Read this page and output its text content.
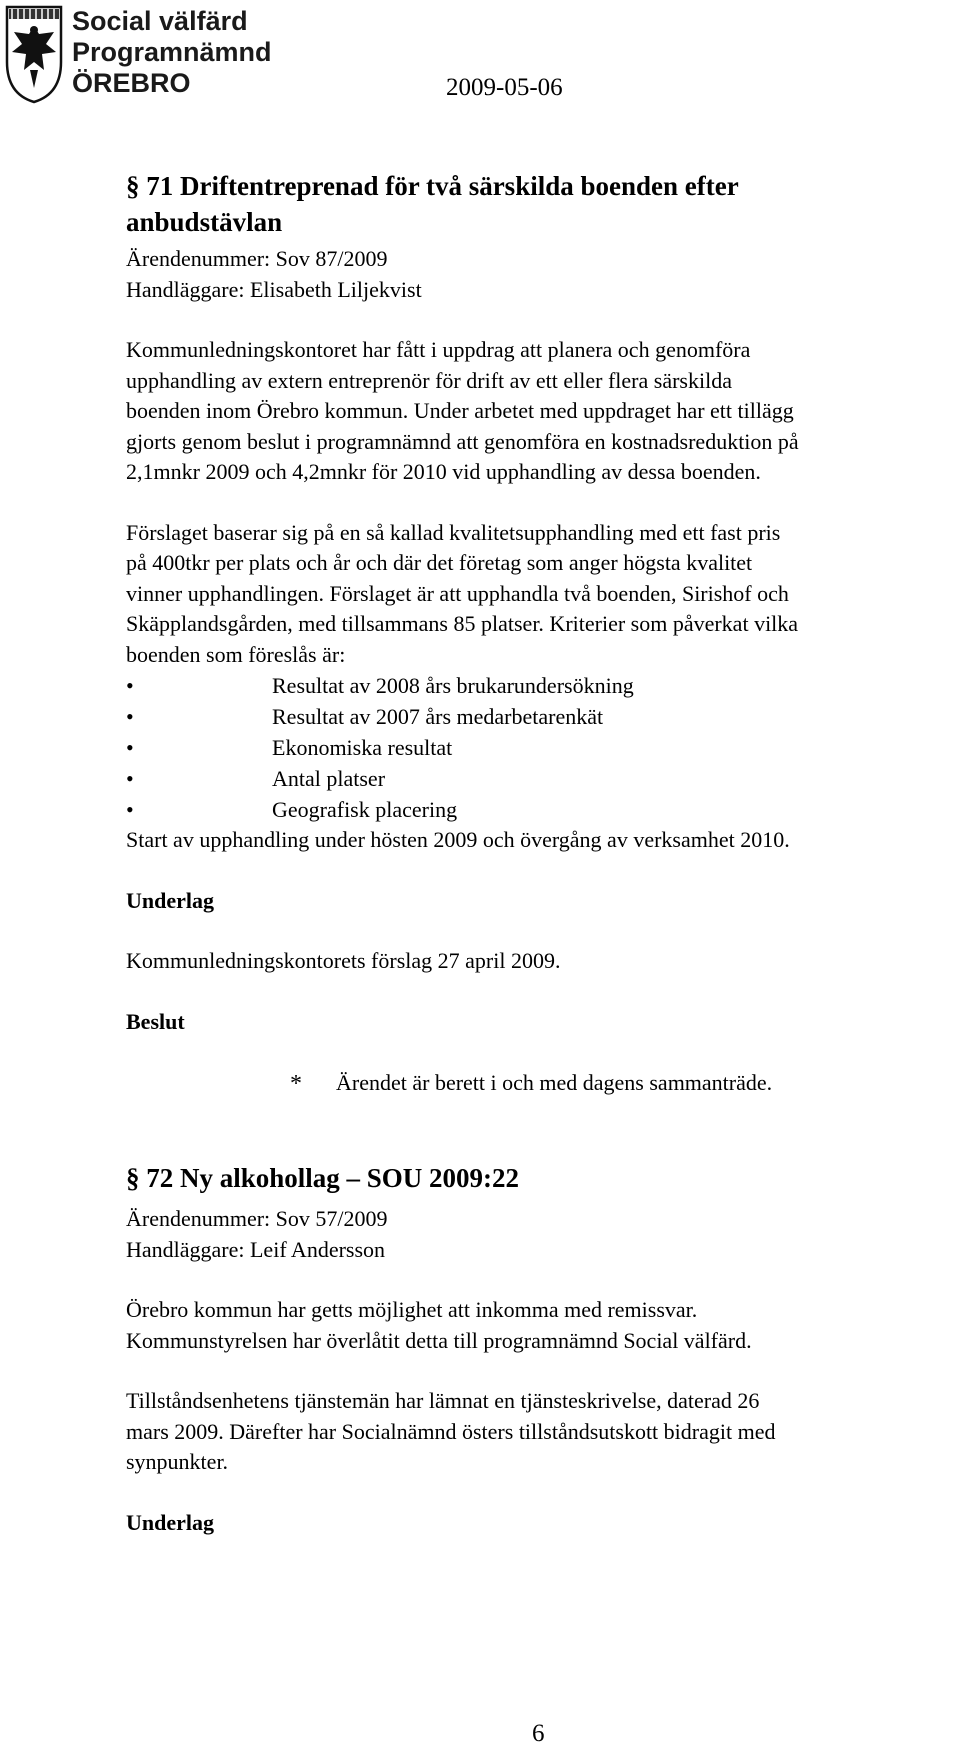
Social välfärd
Programnämnd
ÖREBRO	2009-05-06
§ 71 Driftentreprenad för två särskilda boenden efter
anbudstävlan
Ärendenummer: Sov 87/2009
Handläggare: Elisabeth Liljekvist
Kommunledningskontoret har fått i uppdrag att planera och genomföra
upphandling av extern entreprenör för drift av ett eller flera särskilda
boenden inom Örebro kommun. Under arbetet med uppdraget har ett tillägg
gjorts genom beslut i programnämnd att genomföra en kostnadsreduktion på
2,1mnkr 2009 och 4,2mnkr för 2010 vid upphandling av dessa boenden.
Förslaget baserar sig på en så kallad kvalitetsupphandling med ett fast pris
på 400tkr per plats och år och där det företag som anger högsta kvalitet
vinner upphandlingen. Förslaget är att upphandla två boenden, Sirishof och
Skäpplandsgården, med tillsammans 85 platser. Kriterier som påverkat vilka
boenden som föreslås är:
•	Resultat av 2008 års brukarundersökning
•	Resultat av 2007 års medarbetarenkät
•	Ekonomiska resultat
•	Antal platser
•	Geografisk placering
Start av upphandling under hösten 2009 och övergång av verksamhet 2010.
Underlag
Kommunledningskontorets förslag 27 april 2009.
Beslut
* Ärendet är berett i och med dagens sammanträde.
§ 72 Ny alkohollag – SOU 2009:22
Ärendenummer: Sov 57/2009
Handläggare: Leif Andersson
Örebro kommun har getts möjlighet att inkomma med remissvar.
Kommunstyrelsen har överlåtit detta till programnämnd Social välfärd.
Tillståndsenhetens tjänstemän har lämnat en tjänsteskrivelse, daterad 26
mars 2009. Därefter har Socialnämnd östers tillståndsutskott bidragit med
synpunkter.
Underlag
6
